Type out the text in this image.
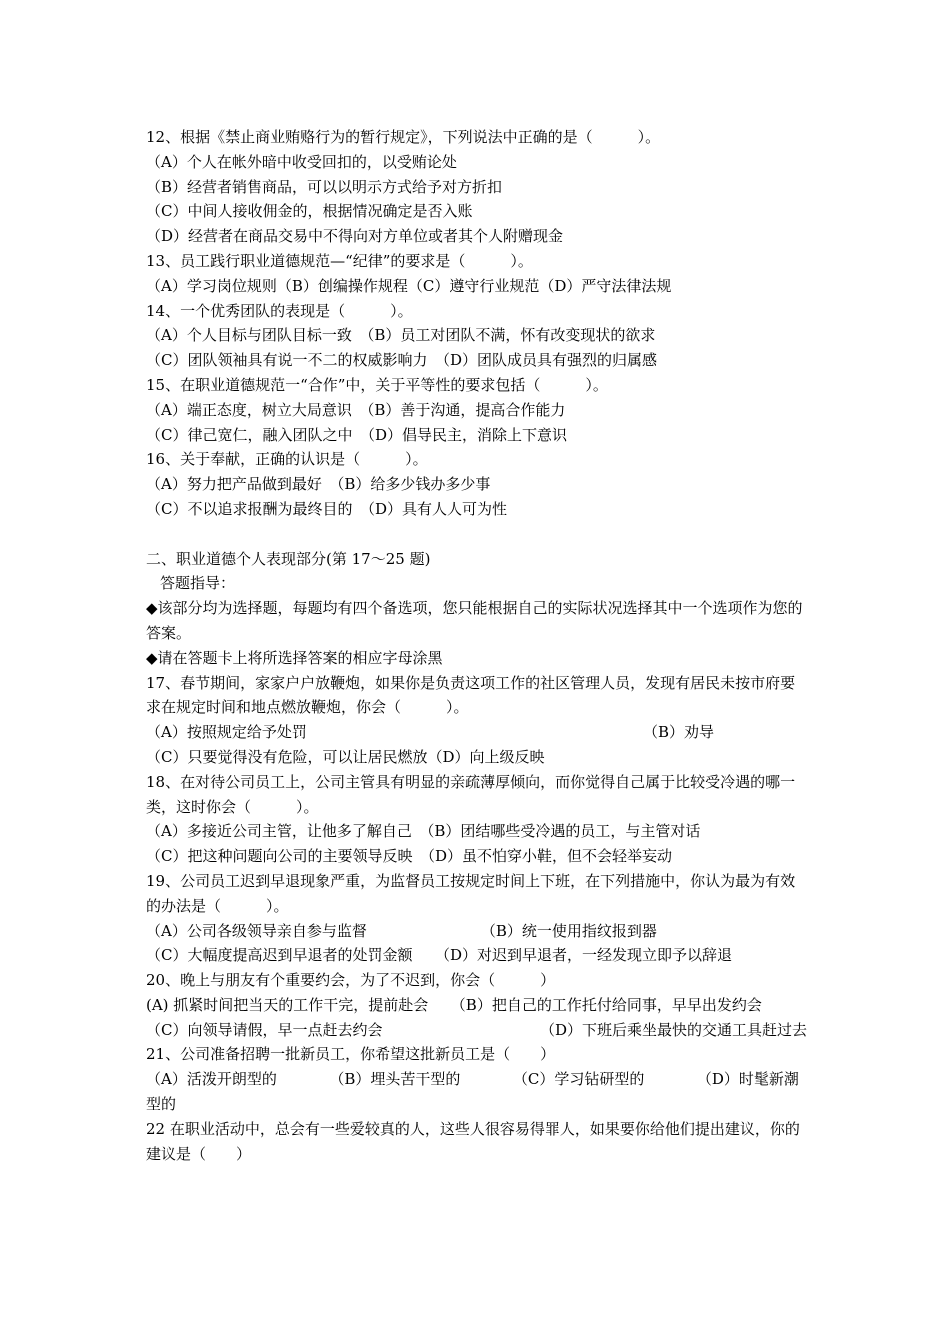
12、根据《禁止商业贿赂行为的暂行规定》，下列说法中正确的是（　　　）。
（A）个人在帐外暗中收受回扣的，以受贿论处
（B）经营者销售商品，可以以明示方式给予对方折扣
（C）中间人接收佣金的，根据情况确定是否入账
（D）经营者在商品交易中不得向对方单位或者其个人附赠现金
13、员工践行职业道德规范—“纪律”的要求是（　　　）。
（A）学习岗位规则（B）创编操作规程（C）遵守行业规范（D）严守法律法规
14、一个优秀团队的表现是（　　　）。
（A）个人目标与团队目标一致　（B）员工对团队不满，怀有改变现状的欲求
（C）团队领袖具有说一不二的权威影响力　（D）团队成员具有强烈的归属感
15、在职业道德规范一“合作”中，关于平等性的要求包括（　　　）。
（A）端正态度，树立大局意识　（B）善于沟通，提高合作能力
（C）律己宽仁，融入团队之中　（D）倡导民主，消除上下意识
16、关于奉献，正确的认识是（　　　）。
（A）努力把产品做到最好　（B）给多少钱办多少事
（C）不以追求报酬为最终目的　（D）具有人人可为性
二、职业道德个人表现部分(第 17～25 题)
答题指导：
◆该部分均为选择题，每题均有四个备选项，您只能根据自己的实际状况选择其中一个选项作为您的答案。
◆请在答题卡上将所选择答案的相应字母涂黑
17、春节期间，家家户户放鞭炮，如果你是负责这项工作的社区管理人员，发现有居民未按市府要求在规定时间和地点燃放鞭炮，你会（　　　）。
（A）按照规定给予处罚	（B）劝导
（C）只要觉得没有危险，可以让居民燃放（D）向上级反映
18、在对待公司员工上，公司主管具有明显的亲疏薄厚倾向，而你觉得自己属于比较受冷遇的哪一类，这时你会（　　　）。
（A）多接近公司主管，让他多了解自己　（B）团结哪些受冷遇的员工，与主管对话
（C）把这种问题向公司的主要领导反映　（D）虽不怕穿小鞋，但不会轻举妄动
19、公司员工迟到早退现象严重，为监督员工按规定时间上下班，在下列措施中，你认为最为有效的办法是（　　　）。
（A）公司各级领导亲自参与监督	（B）统一使用指纹报到器
（C）大幅度提高迟到早退者的处罚金额　　（D）对迟到早退者，一经发现立即予以辞退
20、晚上与朋友有个重要约会，为了不迟到，你会（　　　）
(A) 抓紧时间把当天的工作干完，提前赴会　　（B）把自己的工作托付给同事，早早出发约会
（C）向领导请假，早一点赶去约会　　　　　　　　　　　（D）下班后乘坐最快的交通工具赶过去
21、公司准备招聘一批新员工，你希望这批新员工是（　　）
（A）活泼开朗型的　　　　（B）埋头苦干型的　　　　（C）学习钻研型的　　　　（D）时髦新潮型的
22 在职业活动中，总会有一些爱较真的人，这些人很容易得罪人，如果要你给他们提出建议，你的建议是（　　）
